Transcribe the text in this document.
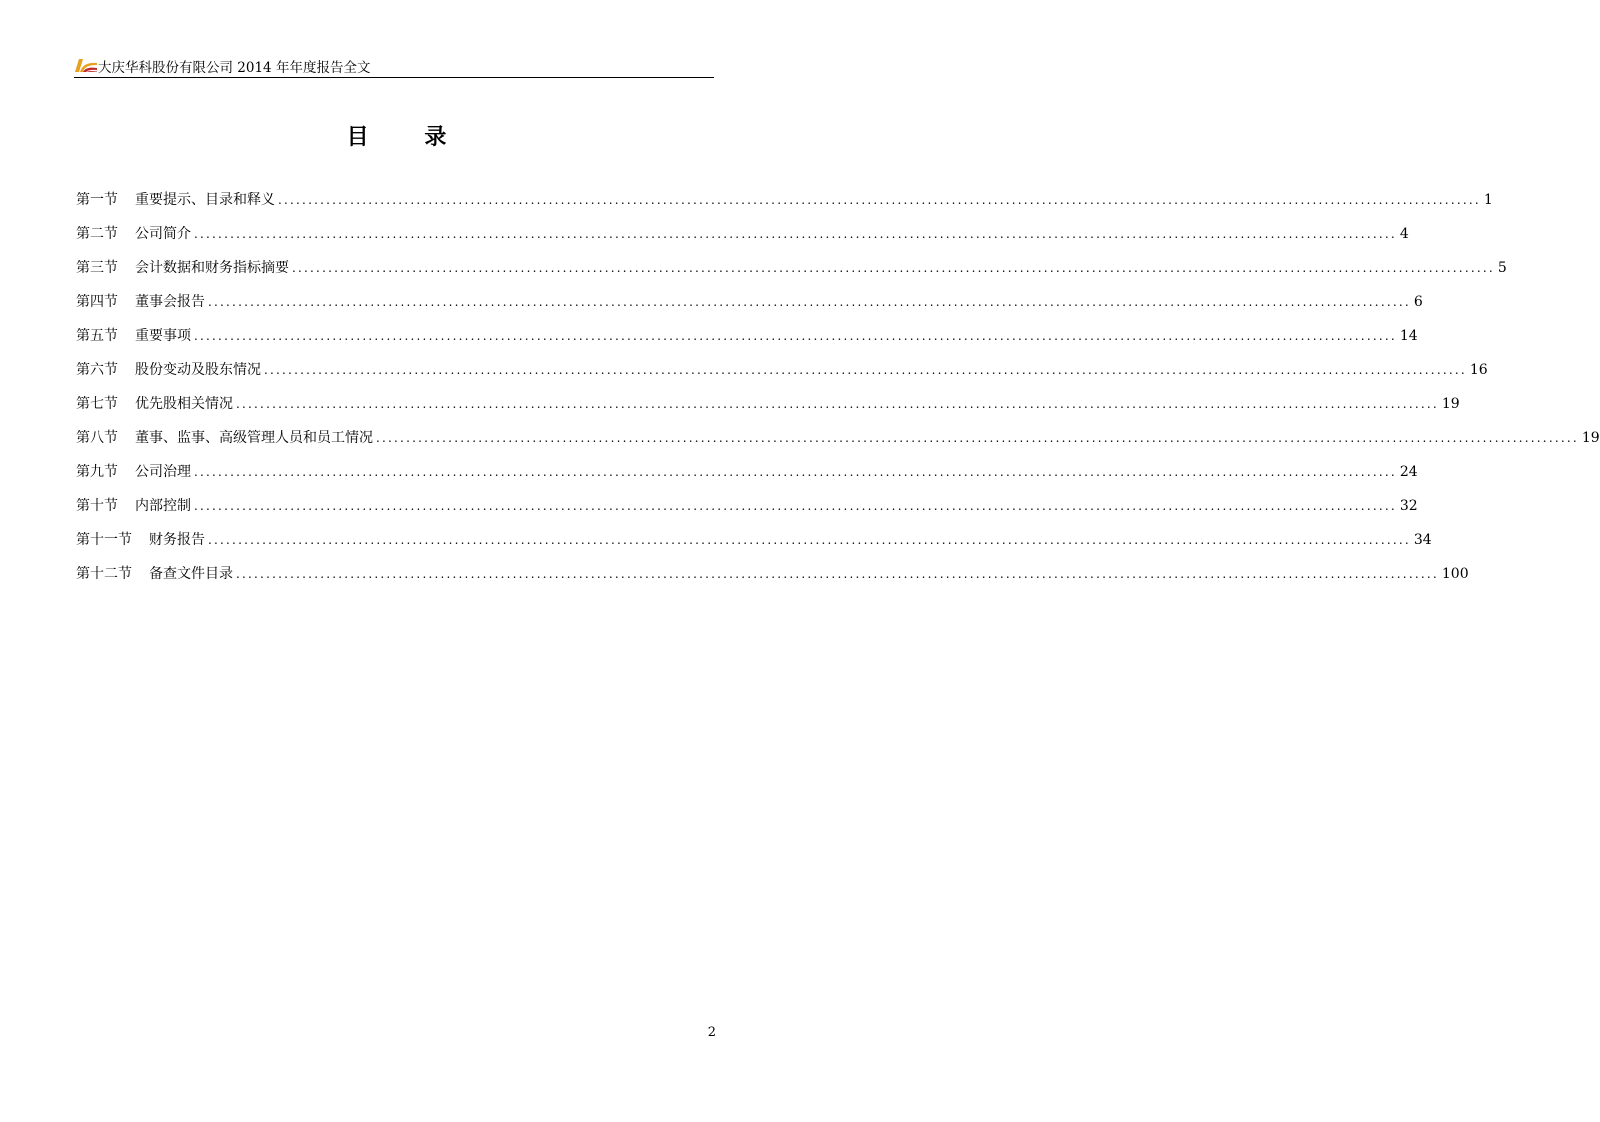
大庆华科股份有限公司 2014 年年度报告全文
目 录
第一节 重要提示、目录和释义 ........................................................................................................................................................................................................ 1
第二节 公司简介 ........................................................................................................................................................................................................ 4
第三节 会计数据和财务指标摘要 ........................................................................................................................................................................................................ 5
第四节 董事会报告 ........................................................................................................................................................................................................ 6
第五节 重要事项 ........................................................................................................................................................................................................ 14
第六节 股份变动及股东情况 ........................................................................................................................................................................................................ 16
第七节 优先股相关情况 ........................................................................................................................................................................................................ 19
第八节 董事、监事、高级管理人员和员工情况 ........................................................................................................................................................................................................ 19
第九节 公司治理 ........................................................................................................................................................................................................ 24
第十节 内部控制 ........................................................................................................................................................................................................ 32
第十一节 财务报告 ........................................................................................................................................................................................................ 34
第十二节 备查文件目录 ........................................................................................................................................................................................................ 100
2
